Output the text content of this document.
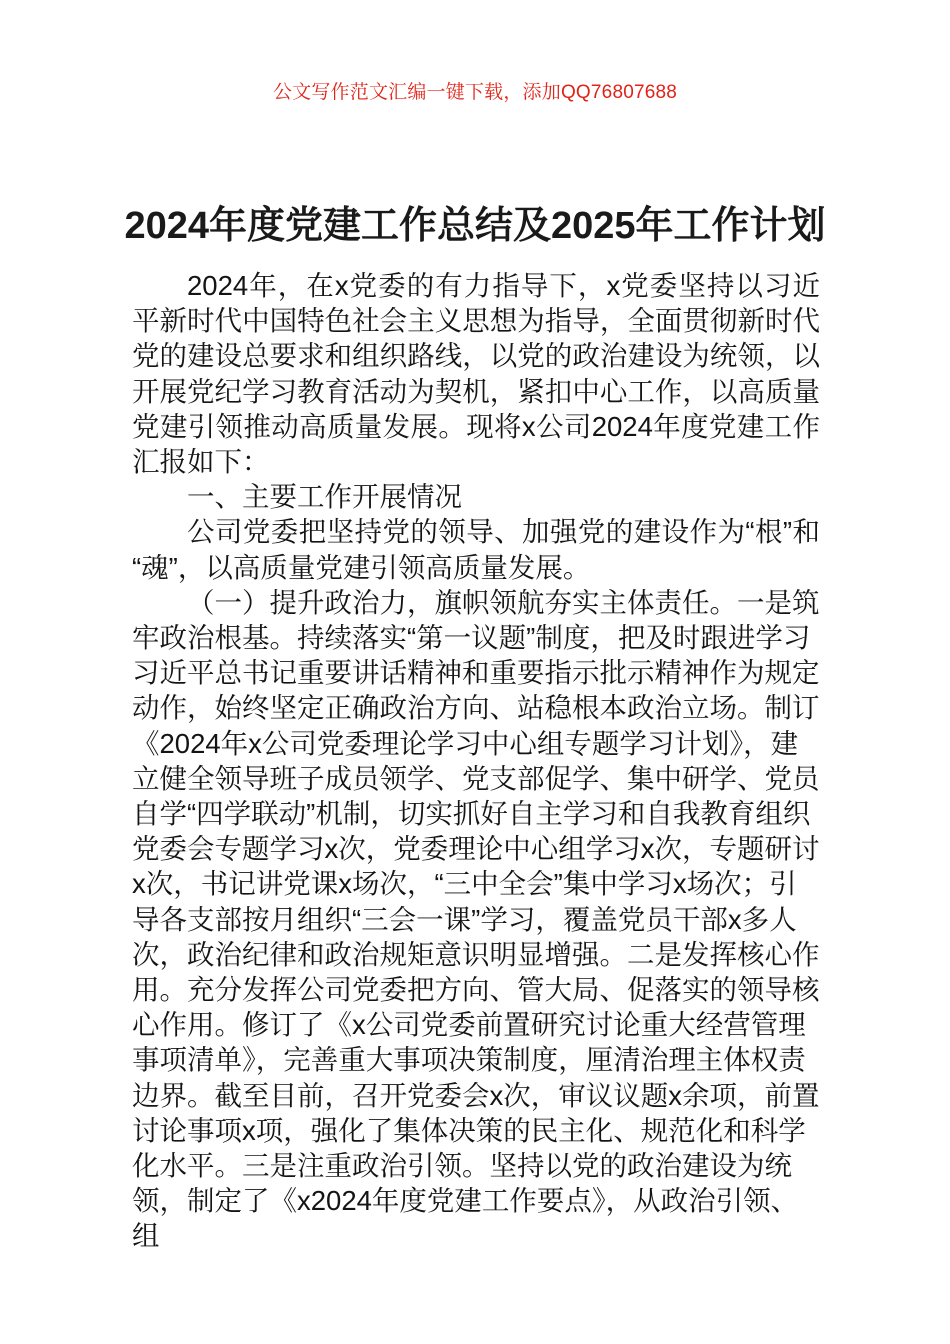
公文写作范文汇编一键下载，添加QQ76807688
2024年度党建工作总结及2025年工作计划

2024年，在x党委的有力指导下，x党委坚持以习近平新时代中国特色社会主义思想为指导，全面贯彻新时代党的建设总要求和组织路线，以党的政治建设为统领，以开展党纪学习教育活动为契机，紧扣中心工作，以高质量党建引领推动高质量发展。现将x公司2024年度党建工作汇报如下：

一、主要工作开展情况

公司党委把坚持党的领导、加强党的建设作为“根”和“魂”，以高质量党建引领高质量发展。

（一）提升政治力，旗帜领航夯实主体责任。一是筑牢政治根基。持续落实“第一议题”制度，把及时跟进学习习近平总书记重要讲话精神和重要指示批示精神作为规定动作，始终坚定正确政治方向、站稳根本政治立场。制订《2024年x公司党委理论学习中心组专题学习计划》，建立健全领导班子成员领学、党支部促学、集中研学、党员自学“四学联动”机制，切实抓好自主学习和自我教育组织党委会专题学习x次，党委理论中心组学习x次，专题研讨x次，书记讲党课x场次，“三中全会”集中学习x场次；引导各支部按月组织“三会一课”学习，覆盖党员干部x多人次，政治纪律和政治规矩意识明显增强。二是发挥核心作用。充分发挥公司党委把方向、管大局、促落实的领导核心作用。修订了《x公司党委前置研究讨论重大经营管理事项清单》，完善重大事项决策制度，厘清治理主体权责边界。截至目前，召开党委会x次，审议议题x余项，前置讨论事项x项，强化了集体决策的民主化、规范化和科学化水平。三是注重政治引领。坚持以党的政治建设为统领，制定了《x2024年度党建工作要点》，从政治引领、组
